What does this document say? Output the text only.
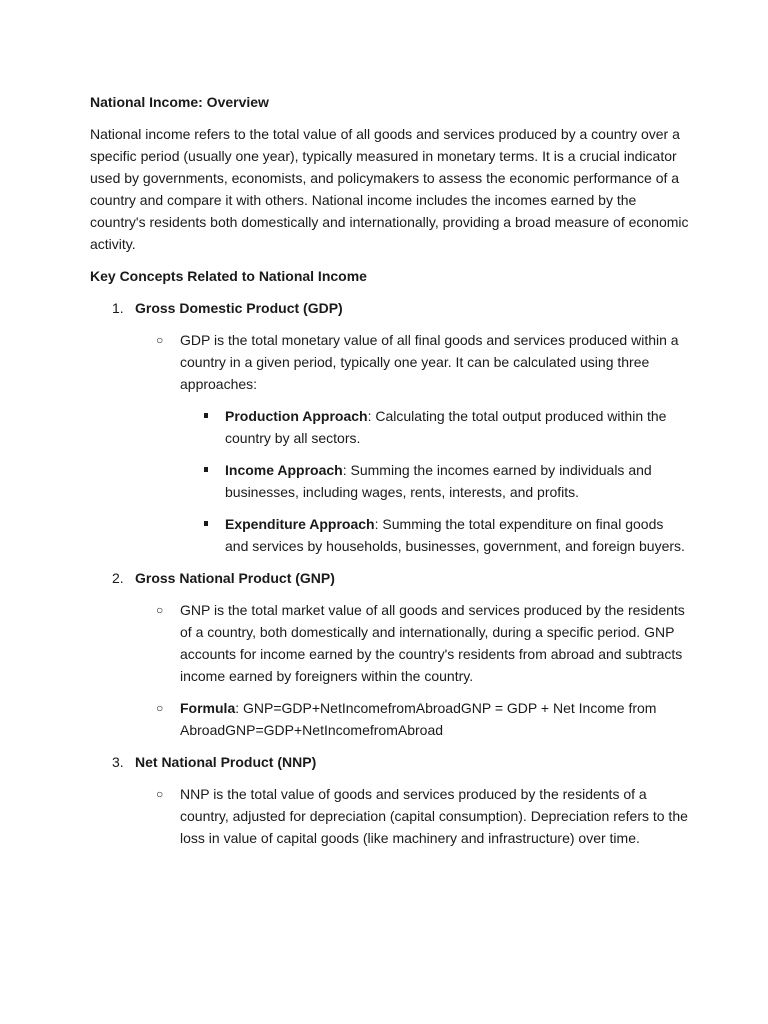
National Income: Overview

National income refers to the total value of all goods and services produced by a country over a specific period (usually one year), typically measured in monetary terms. It is a crucial indicator used by governments, economists, and policymakers to assess the economic performance of a country and compare it with others. National income includes the incomes earned by the country's residents both domestically and internationally, providing a broad measure of economic activity.

Key Concepts Related to National Income

1. Gross Domestic Product (GDP)
○ GDP is the total monetary value of all final goods and services produced within a country in a given period, typically one year. It can be calculated using three approaches:

Production Approach: Calculating the total output produced within the country by all sectors.

Income Approach: Summing the incomes earned by individuals and businesses, including wages, rents, interests, and profits.

Expenditure Approach: Summing the total expenditure on final goods and services by households, businesses, government, and foreign buyers.

2. Gross National Product (GNP)
○ GNP is the total market value of all goods and services produced by the residents of a country, both domestically and internationally, during a specific period. GNP accounts for income earned by the country's residents from abroad and subtracts income earned by foreigners within the country.

○ Formula: GNP=GDP+NetIncomefromAbroadGNP = GDP + Net Income from AbroadGNP=GDP+NetIncomefromAbroad

3. Net National Product (NNP)
○ NNP is the total value of goods and services produced by the residents of a country, adjusted for depreciation (capital consumption). Depreciation refers to the loss in value of capital goods (like machinery and infrastructure) over time.
